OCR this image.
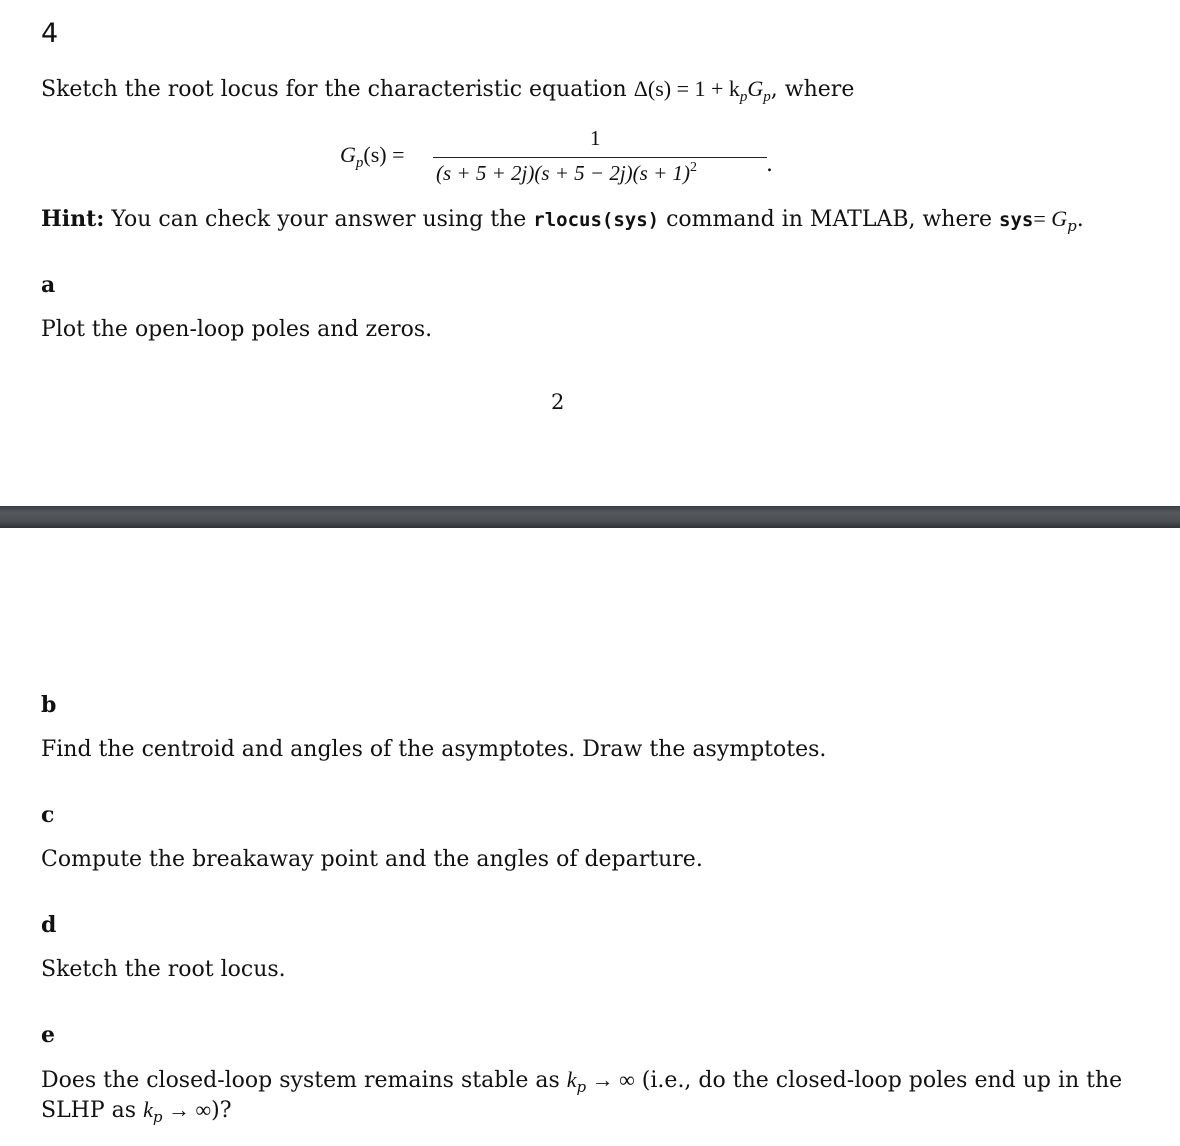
4
Sketch the root locus for the characteristic equation $\Delta(s) = 1 + k_pG_p$, where
$G_p(s)$ =
1
$(s + 5 + 2j)(s + 5 - 2j)(s + 1)^2$	.
Hint: You can check your answer using the rlocus(sys) command in MATLAB, where $sys= G_p$.
a
Plot the open-loop poles and zeros.
2
b
Find the centroid and angles of the asymptotes. Draw the asymptotes.
c
Compute the breakaway point and the angles of departure.
d
Sketch the root locus.
e
Does the closed-loop system remains stable as $k_p$ → ∞ (i.e., do the closed-loop poles end up in the
SLHP as $k_p$ → ∞)?
